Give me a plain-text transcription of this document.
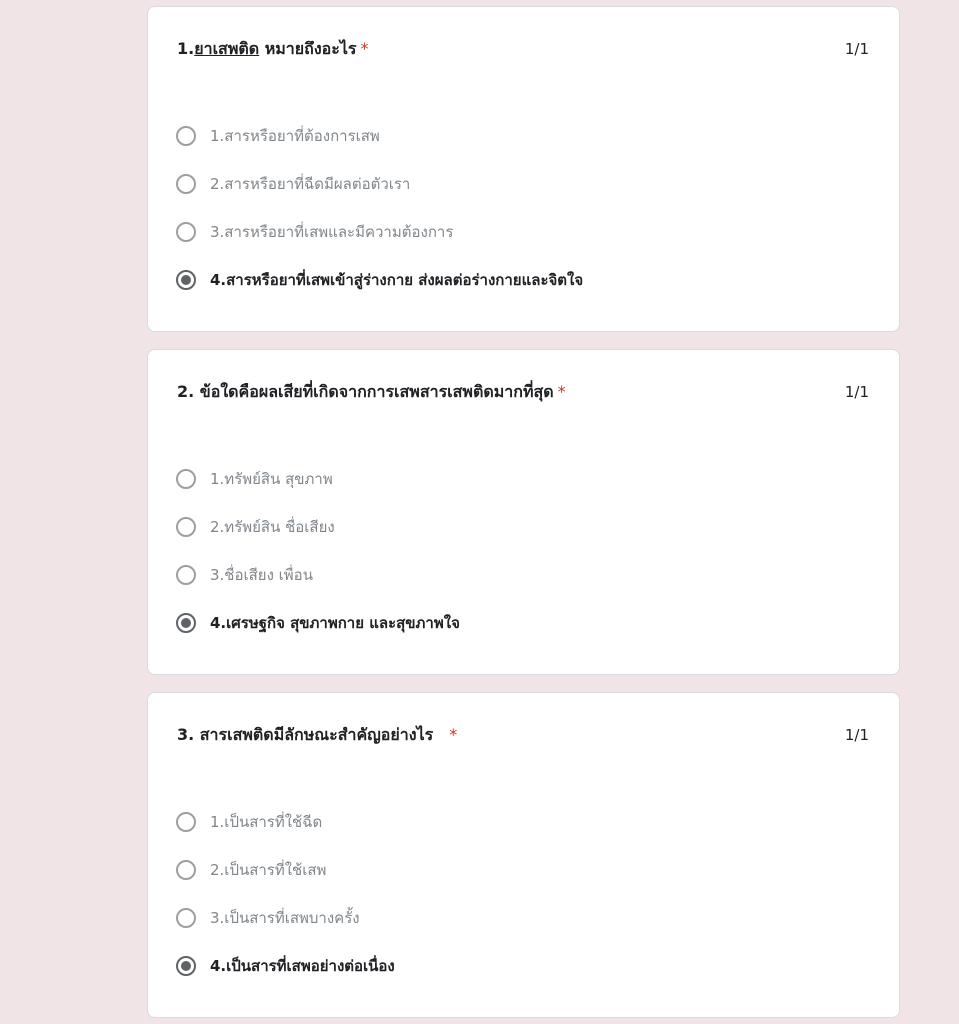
1.ยาเสพติด หมายถึงอะไร *	1/1
1.สารหรือยาที่ต้องการเสพ
2.สารหรือยาที่ฉีดมีผลต่อตัวเรา
3.สารหรือยาที่เสพและมีความต้องการ
4.สารหรือยาที่เสพเข้าสู่ร่างกาย ส่งผลต่อร่างกายและจิตใจ
2. ข้อใดคือผลเสียที่เกิดจากการเสพสารเสพติดมากที่สุด *	1/1
1.ทรัพย์สิน สุขภาพ
2.ทรัพย์สิน ชื่อเสียง
3.ชื่อเสียง เพื่อน
4.เศรษฐกิจ สุขภาพกาย และสุขภาพใจ
3. สารเสพติดมีลักษณะสำคัญอย่างไร *	1/1
1.เป็นสารที่ใช้ฉีด
2.เป็นสารที่ใช้เสพ
3.เป็นสารที่เสพบางครั้ง
4.เป็นสารที่เสพอย่างต่อเนื่อง
